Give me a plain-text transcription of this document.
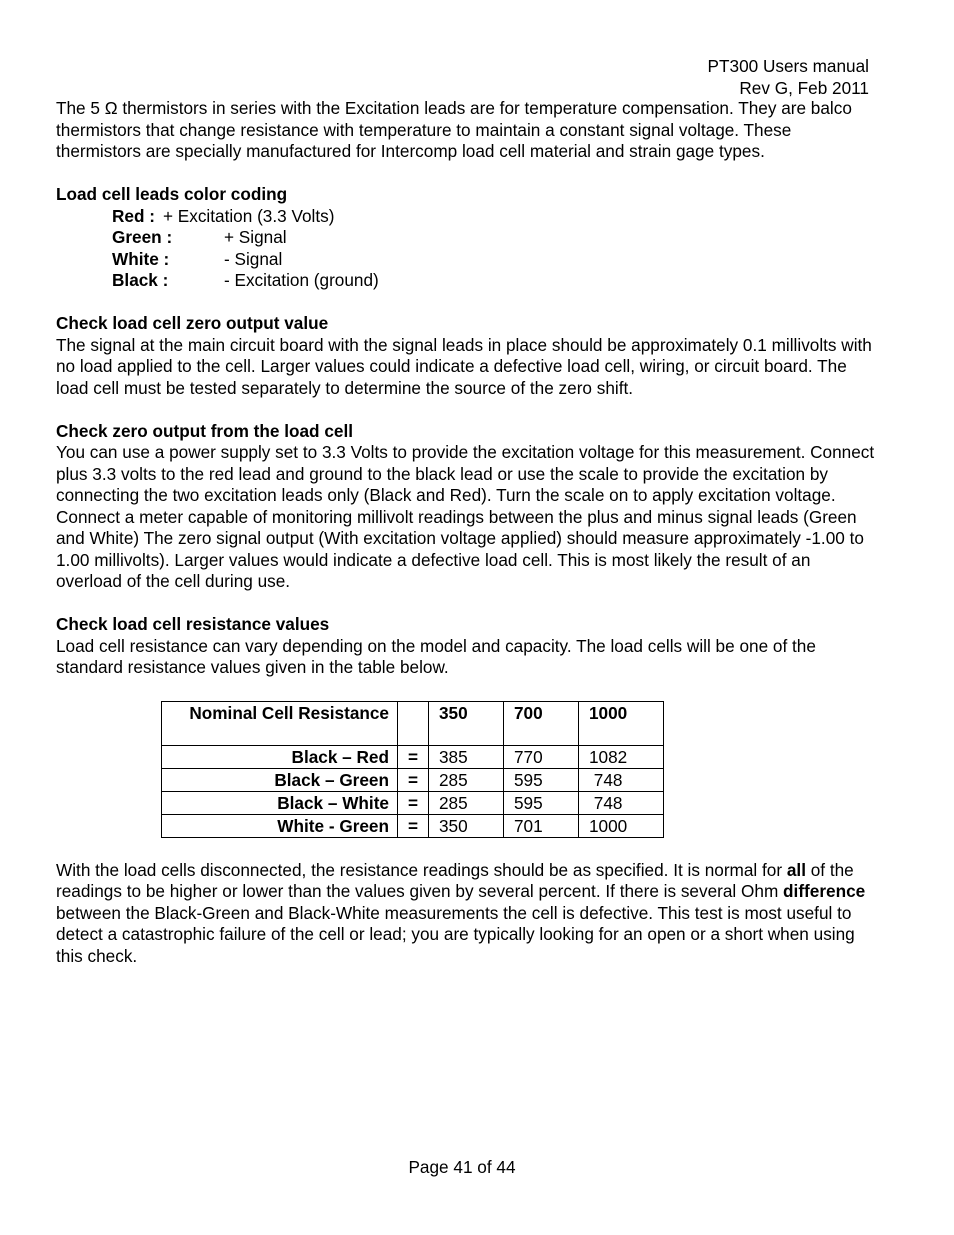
PT300 Users manual
Rev G, Feb 2011

The 5 Ω thermistors in series with the Excitation leads are for temperature compensation. They are balco thermistors that change resistance with temperature to maintain a constant signal voltage. These thermistors are specially manufactured for Intercomp load cell material and strain gage types.

Load cell leads color coding
Red : + Excitation (3.3 Volts)
Green :	+ Signal
White :	- Signal
Black :	- Excitation (ground)
Check load cell zero output value

The signal at the main circuit board with the signal leads in place should be approximately 0.1 millivolts with no load applied to the cell. Larger values could indicate a defective load cell, wiring, or circuit board. The load cell must be tested separately to determine the source of the zero shift.

Check zero output from the load cell

You can use a power supply set to 3.3 Volts to provide the excitation voltage for this measurement. Connect plus 3.3 volts to the red lead and ground to the black lead or use the scale to provide the excitation by connecting the two excitation leads only (Black and Red). Turn the scale on to apply excitation voltage.

Connect a meter capable of monitoring millivolt readings between the plus and minus signal leads (Green and White) The zero signal output (With excitation voltage applied) should measure approximately -1.00 to 1.00 millivolts). Larger values would indicate a defective load cell. This is most likely the result of an overload of the cell during use.

Check load cell resistance values

Load cell resistance can vary depending on the model and capacity. The load cells will be one of the standard resistance values given in the table below.

Nominal Cell Resistance		350	700	1000
Black – Red	=	385	770	1082
Black – Green	=	285	595	748
Black – White	=	285	595	748
White - Green	=	350	701	1000

With the load cells disconnected, the resistance readings should be as specified. It is normal for all of the readings to be higher or lower than the values given by several percent. If there is several Ohm difference between the Black-Green and Black-White measurements the cell is defective. This test is most useful to detect a catastrophic failure of the cell or lead; you are typically looking for an open or a short when using this check.

Page 41 of 44
